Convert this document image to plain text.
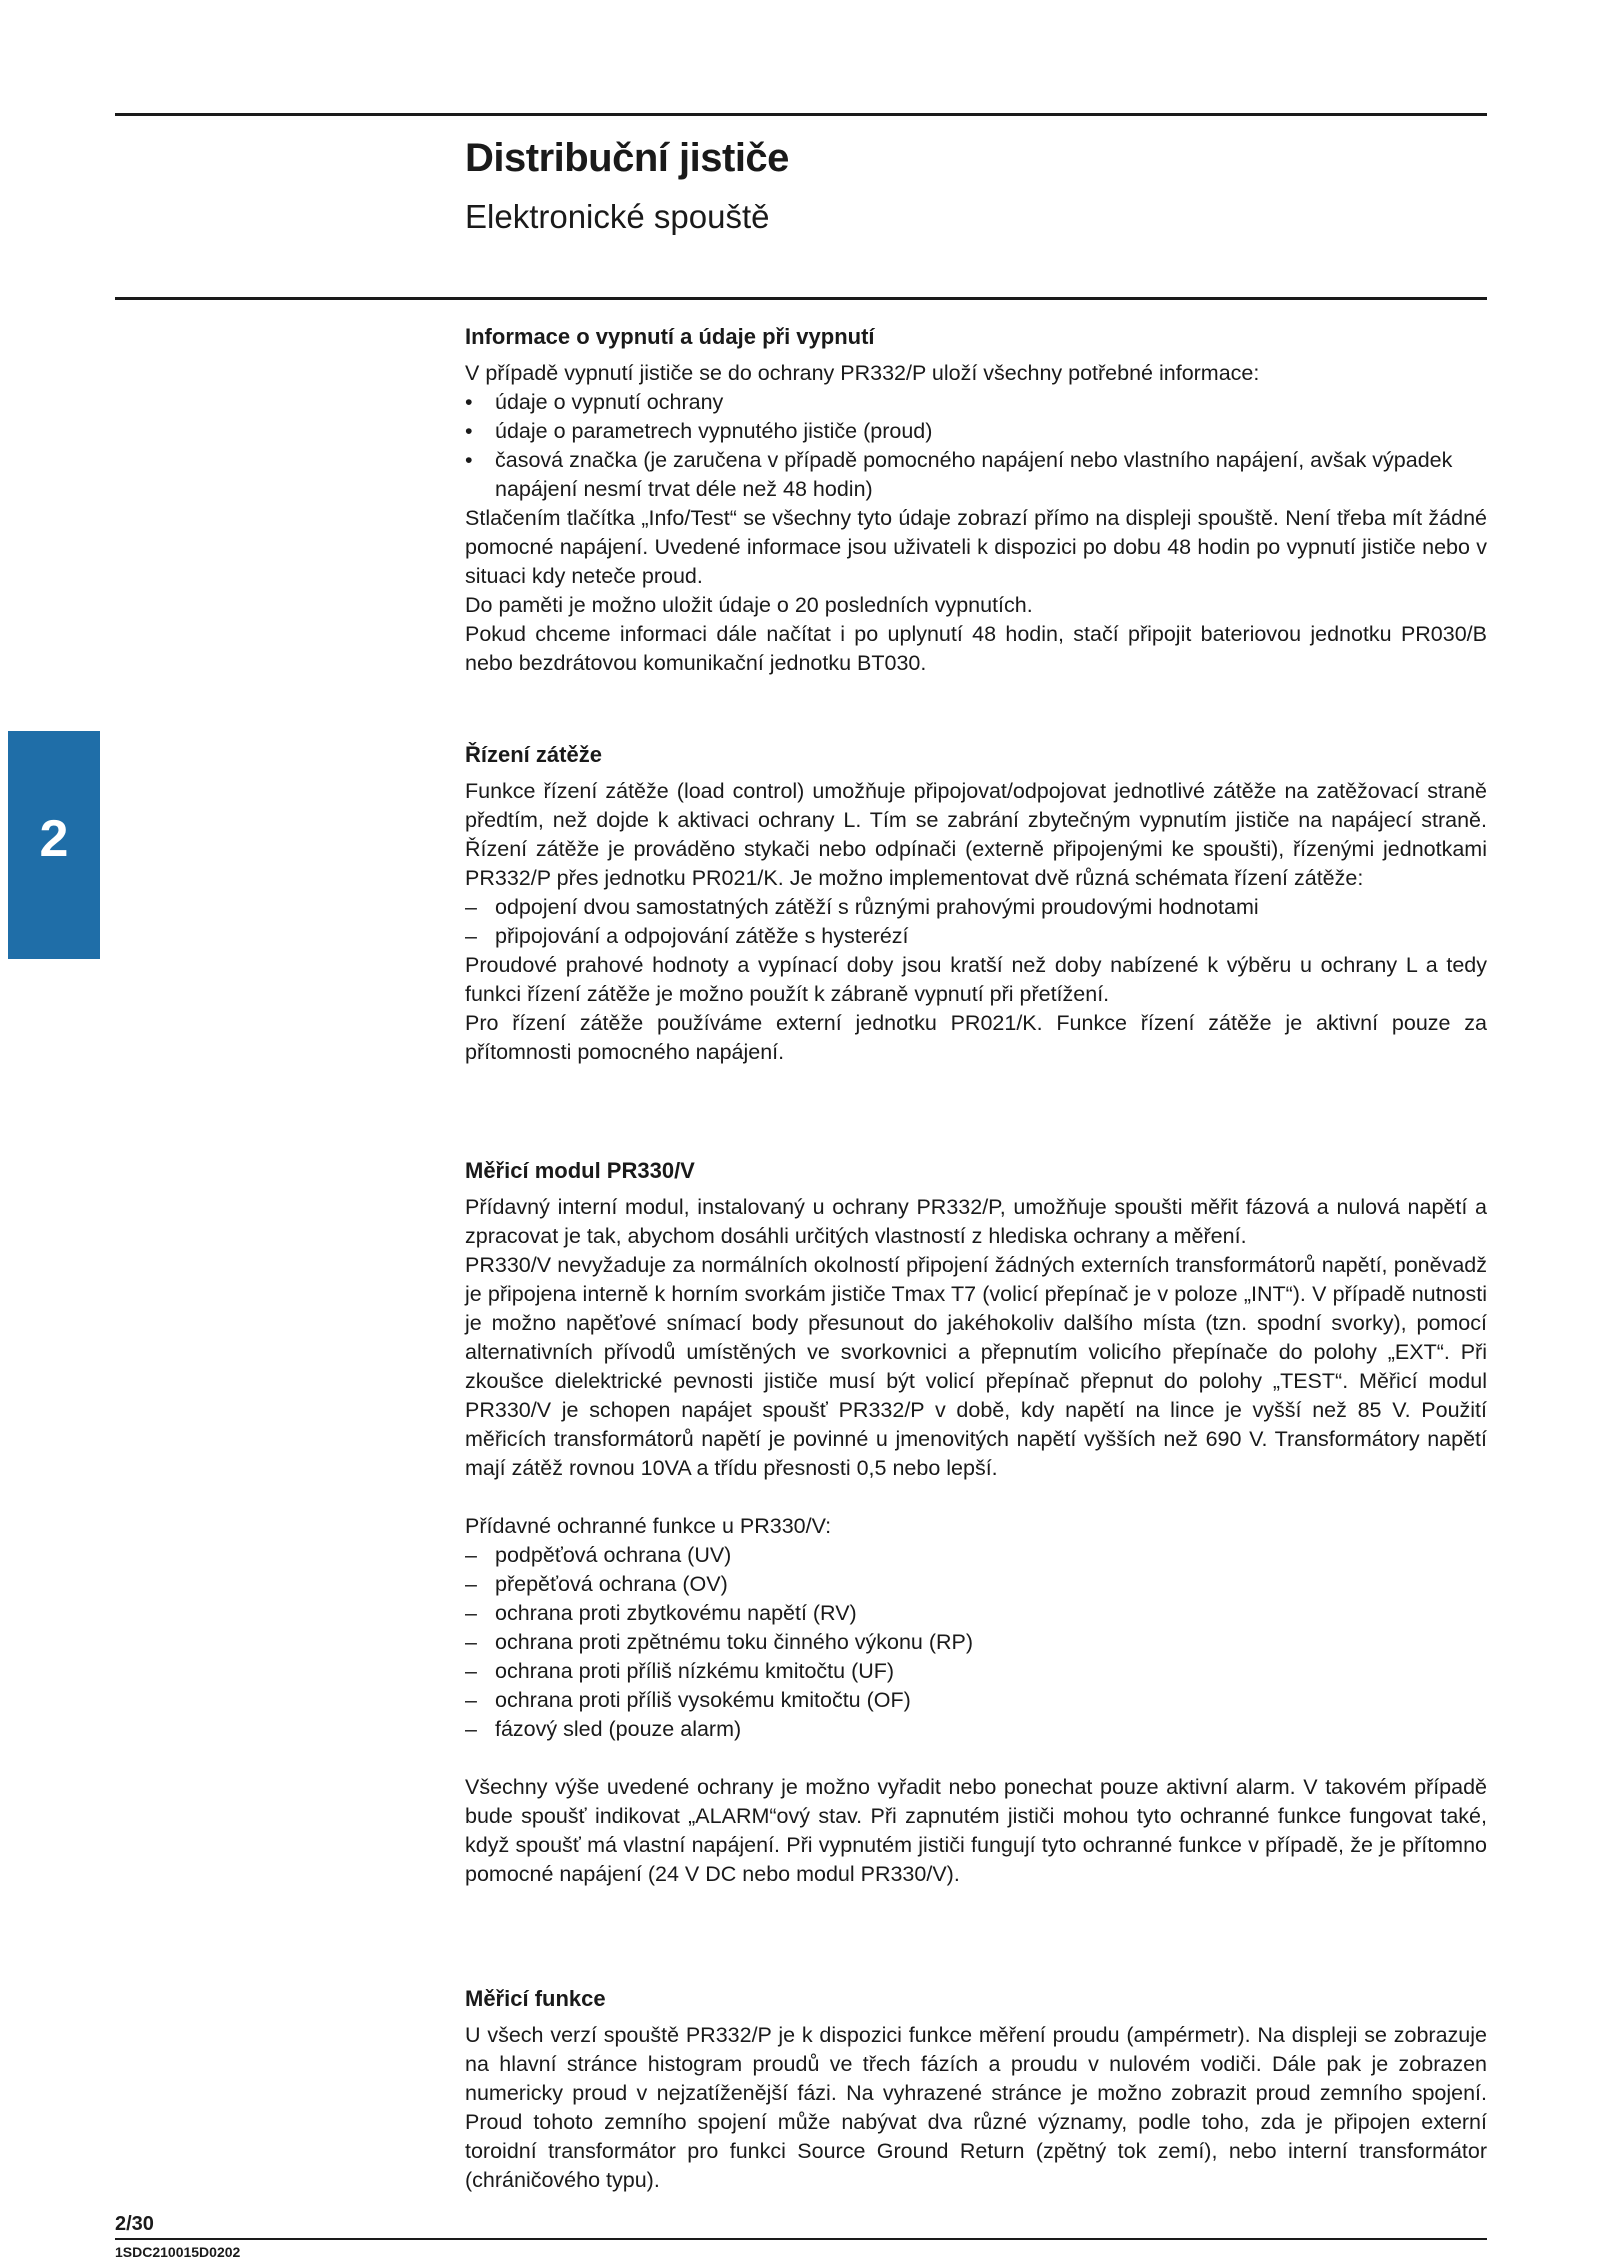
Distribuční jističe
Elektronické spouště
2
Informace o vypnutí a údaje při vypnutí

V případě vypnutí jističe se do ochrany PR332/P uloží všechny potřebné informace:

• údaje o vypnutí ochrany
• údaje o parametrech vypnutého jističe (proud)
• časová značka (je zaručena v případě pomocného napájení nebo vlastního napájení, avšak výpadek napájení nesmí trvat déle než 48 hodin)

Stlačením tlačítka „Info/Test“ se všechny tyto údaje zobrazí přímo na displeji spouště. Není třeba mít žádné pomocné napájení. Uvedené informace jsou uživateli k dispozici po dobu 48 hodin po vypnutí jističe nebo v situaci kdy neteče proud.

Do paměti je možno uložit údaje o 20 posledních vypnutích.

Pokud chceme informaci dále načítat i po uplynutí 48 hodin, stačí připojit bateriovou jednotku PR030/B nebo bezdrátovou komunikační jednotku BT030.

Řízení zátěže

Funkce řízení zátěže (load control) umožňuje připojovat/odpojovat jednotlivé zátěže na zatěžovací straně předtím, než dojde k aktivaci ochrany L. Tím se zabrání zbytečným vypnutím jističe na napájecí straně. Řízení zátěže je prováděno stykači nebo odpínači (externě připojenými ke spoušti), řízenými jednotkami PR332/P přes jednotku PR021/K. Je možno implementovat dvě různá schémata řízení zátěže:

– odpojení dvou samostatných zátěží s různými prahovými proudovými hodnotami
– připojování a odpojování zátěže s hysterézí

Proudové prahové hodnoty a vypínací doby jsou kratší než doby nabízené k výběru u ochrany L a tedy funkci řízení zátěže je možno použít k zábraně vypnutí při přetížení.

Pro řízení zátěže používáme externí jednotku PR021/K. Funkce řízení zátěže je aktivní pouze za přítomnosti pomocného napájení.

Měřicí modul PR330/V

Přídavný interní modul, instalovaný u ochrany PR332/P, umožňuje spoušti měřit fázová a nulová napětí a zpracovat je tak, abychom dosáhli určitých vlastností z hlediska ochrany a měření.

PR330/V nevyžaduje za normálních okolností připojení žádných externích transformátorů napětí, poněvadž je připojena interně k horním svorkám jističe Tmax T7 (volicí přepínač je v poloze „INT“). V případě nutnosti je možno napěťové snímací body přesunout do jakéhokoliv dalšího místa (tzn. spodní svorky), pomocí alternativních přívodů umístěných ve svorkovnici a přepnutím volicího přepínače do polohy „EXT“. Při zkoušce dielektrické pevnosti jističe musí být volicí přepínač přepnut do polohy „TEST“. Měřicí modul PR330/V je schopen napájet spoušť PR332/P v době, kdy napětí na lince je vyšší než 85 V. Použití měřicích transformátorů napětí je povinné u jmenovitých napětí vyšších než 690 V. Transformátory napětí mají zátěž rovnou 10VA a třídu přesnosti 0,5 nebo lepší.

Přídavné ochranné funkce u PR330/V:

– podpěťová ochrana (UV)
– přepěťová ochrana (OV)
– ochrana proti zbytkovému napětí (RV)
– ochrana proti zpětnému toku činného výkonu (RP)
– ochrana proti příliš nízkému kmitočtu (UF)
– ochrana proti příliš vysokému kmitočtu (OF)
– fázový sled (pouze alarm)

Všechny výše uvedené ochrany je možno vyřadit nebo ponechat pouze aktivní alarm. V takovém případě bude spoušť indikovat „ALARM“ový stav. Při zapnutém jističi mohou tyto ochranné funkce fungovat také, když spoušť má vlastní napájení. Při vypnutém jističi fungují tyto ochranné funkce v případě, že je přítomno pomocné napájení (24 V DC nebo modul PR330/V).

Měřicí funkce

U všech verzí spouště PR332/P je k dispozici funkce měření proudu (ampérmetr). Na displeji se zobrazuje na hlavní stránce histogram proudů ve třech fázích a proudu v nulovém vodiči. Dále pak je zobrazen numericky proud v nejzatíženější fázi. Na vyhrazené stránce je možno zobrazit proud zemního spojení. Proud tohoto zemního spojení může nabývat dva různé významy, podle toho, zda je připojen externí toroidní transformátor pro funkci Source Ground Return (zpětný tok zemí), nebo interní transformátor (chráničového typu).

2/30
1SDC210015D0202
